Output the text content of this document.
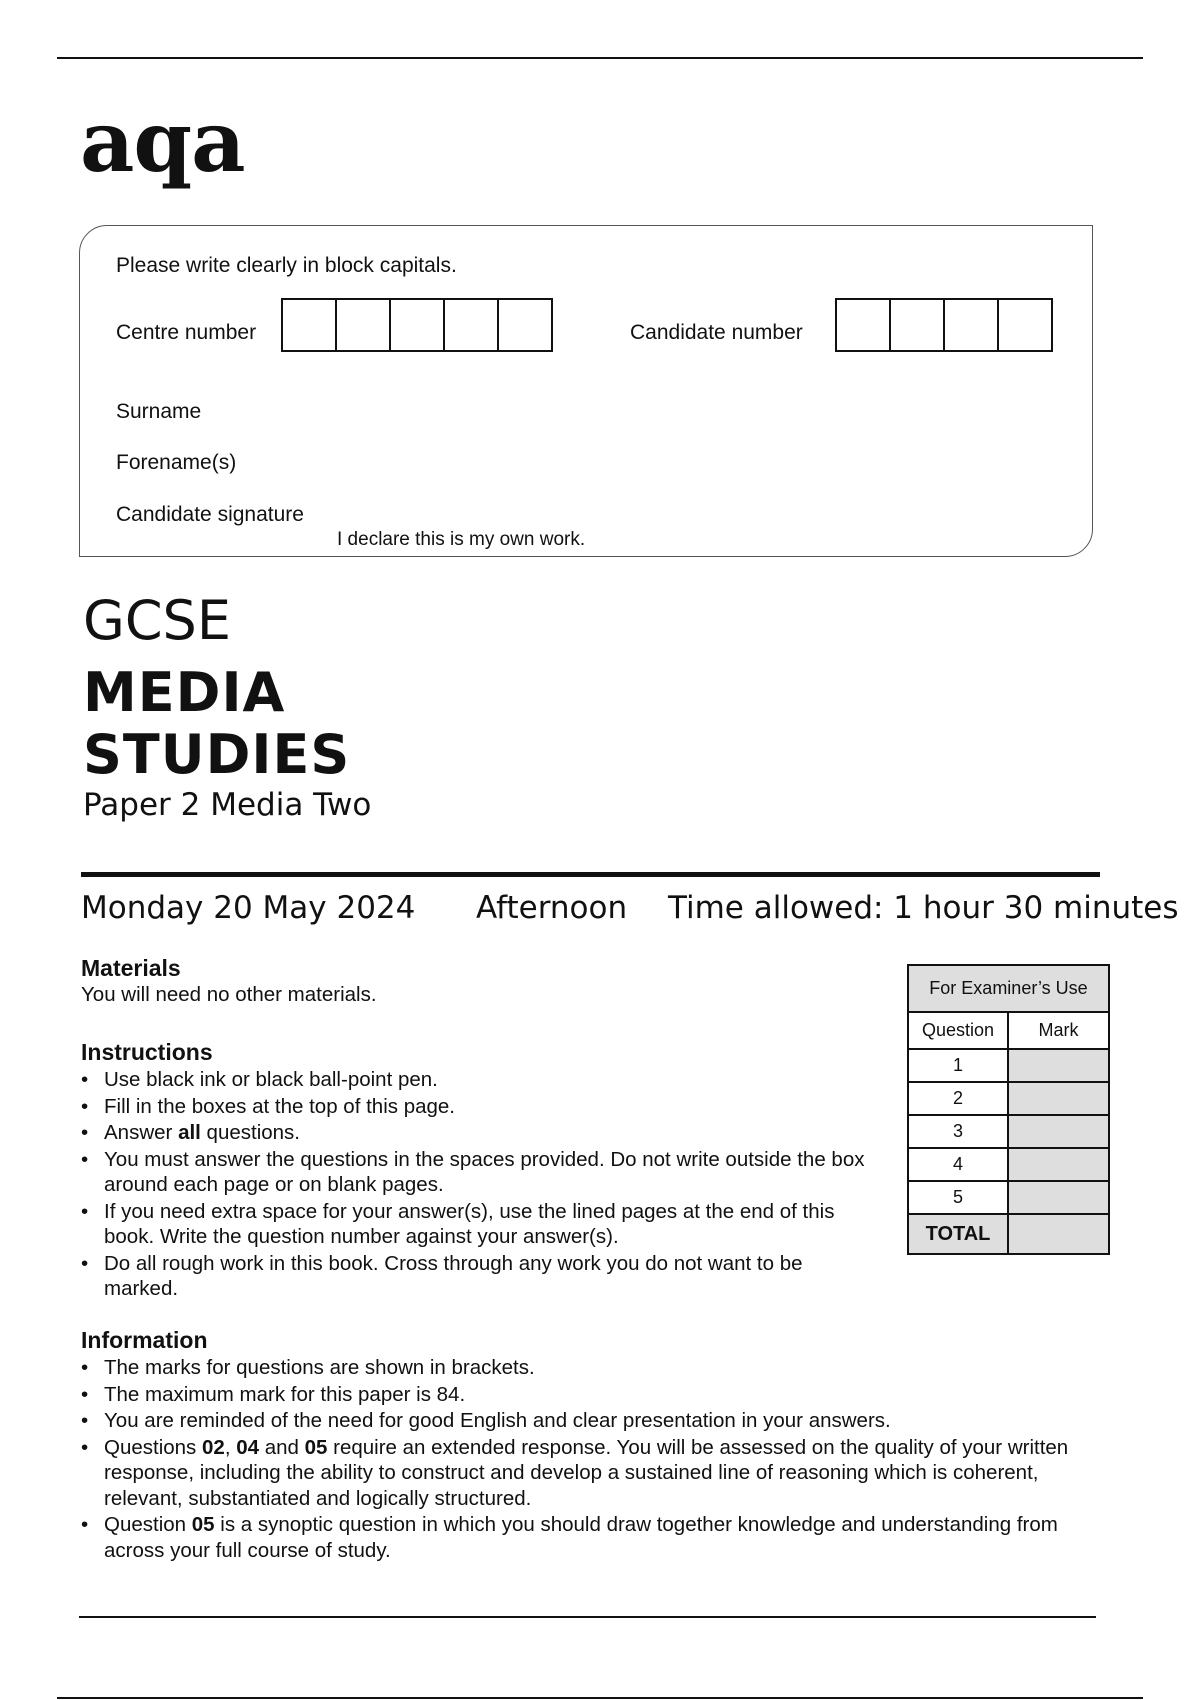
aqa
Please write clearly in block capitals.
Centre number	Candidate number
Surname
Forename(s)
Candidate signature
I declare this is my own work.
GCSE
MEDIA
STUDIES
Paper 2 Media Two
Monday 20 May 2024 Afternoon Time allowed: 1 hour 30 minutes
Materials
You will need no other materials.
Instructions
• Use black ink or black ball-point pen.
• Fill in the boxes at the top of this page.
• Answer all questions.
• You must answer the questions in the spaces provided. Do not write outside the box around each page or on blank pages.
• If you need extra space for your answer(s), use the lined pages at the end of this book. Write the question number against your answer(s).
• Do all rough work in this book. Cross through any work you do not want to be marked.
Information
• The marks for questions are shown in brackets.
• The maximum mark for this paper is 84.
• You are reminded of the need for good English and clear presentation in your answers.
• Questions 02, 04 and 05 require an extended response. You will be assessed on the quality of your written response, including the ability to construct and develop a sustained line of reasoning which is coherent, relevant, substantiated and logically structured.
• Question 05 is a synoptic question in which you should draw together knowledge and understanding from across your full course of study.
For Examiner’s Use	
Question	Mark
1	
2	
3	
4	
5	
TOTAL	
